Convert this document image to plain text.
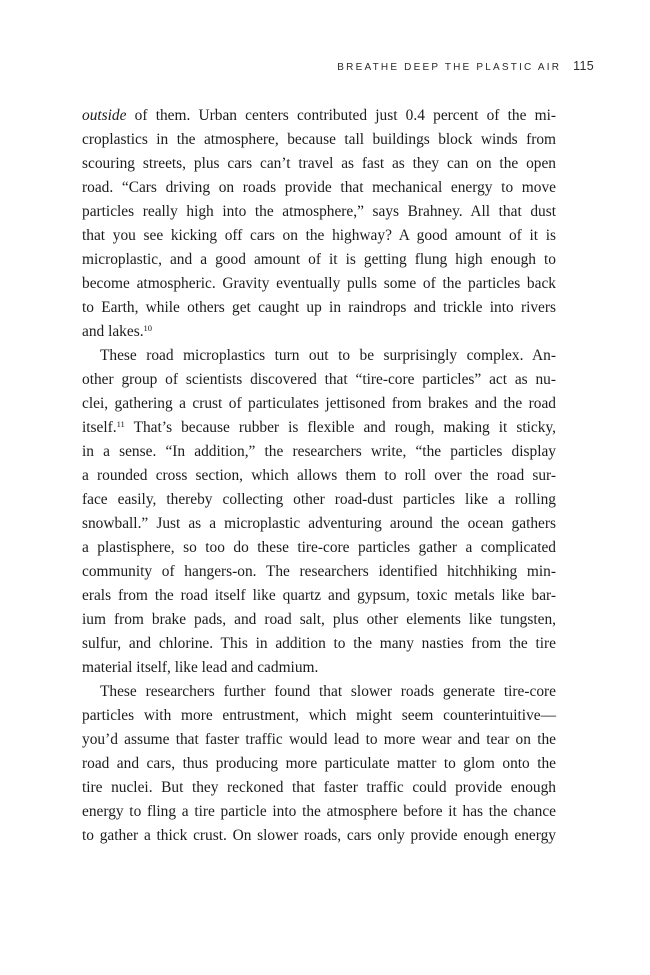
BREATHE DEEP THE PLASTIC AIR 115
outside of them. Urban centers contributed just 0.4 percent of the mi-
croplastics in the atmosphere, because tall buildings block winds from
scouring streets, plus cars can’t travel as fast as they can on the open
road. “Cars driving on roads provide that mechanical energy to move
particles really high into the atmosphere,” says Brahney. All that dust
that you see kicking off cars on the highway? A good amount of it is
microplastic, and a good amount of it is getting flung high enough to
become atmospheric. Gravity eventually pulls some of the particles back
to Earth, while others get caught up in raindrops and trickle into rivers
and lakes.$^{10}$
These road microplastics turn out to be surprisingly complex. An-
other group of scientists discovered that “tire-core particles” act as nu-
clei, gathering a crust of particulates jettisoned from brakes and the road
itself.$^{11}$ That’s because rubber is flexible and rough, making it sticky,
in a sense. “In addition,” the researchers write, “the particles display
a rounded cross section, which allows them to roll over the road sur-
face easily, thereby collecting other road-dust particles like a rolling
snowball.” Just as a microplastic adventuring around the ocean gathers
a plastisphere, so too do these tire-core particles gather a complicated
community of hangers-on. The researchers identified hitchhiking min-
erals from the road itself like quartz and gypsum, toxic metals like bar-
ium from brake pads, and road salt, plus other elements like tungsten,
sulfur, and chlorine. This in addition to the many nasties from the tire
material itself, like lead and cadmium.
These researchers further found that slower roads generate tire-core
particles with more entrustment, which might seem counterintuitive—
you’d assume that faster traffic would lead to more wear and tear on the
road and cars, thus producing more particulate matter to glom onto the
tire nuclei. But they reckoned that faster traffic could provide enough
energy to fling a tire particle into the atmosphere before it has the chance
to gather a thick crust. On slower roads, cars only provide enough energy
